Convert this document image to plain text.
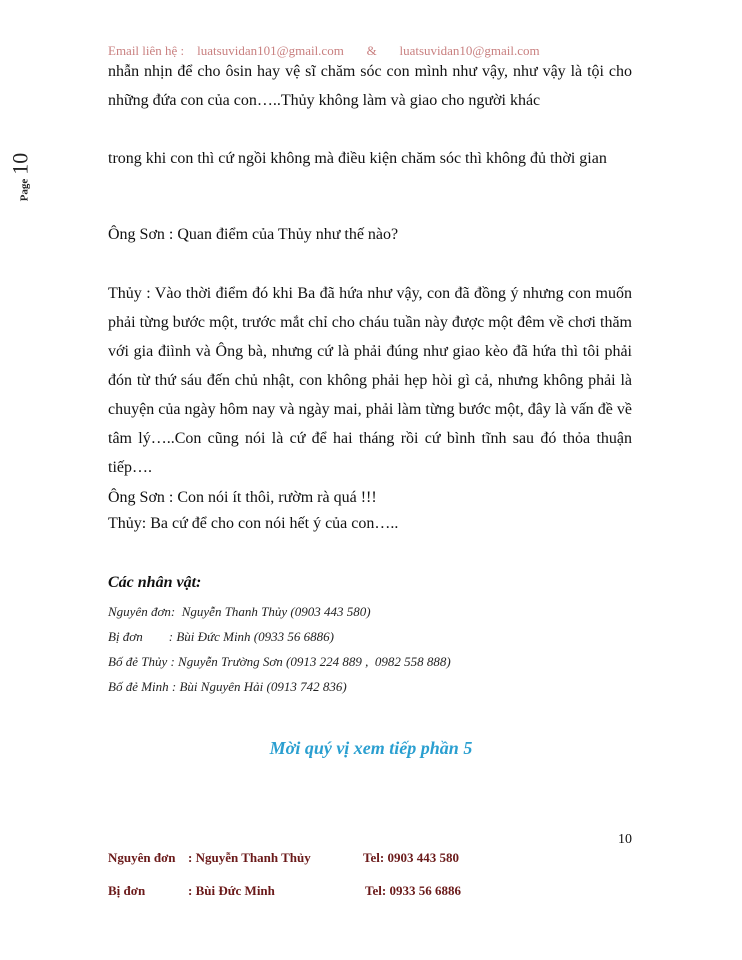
Email liên hệ : luatsuvidan101@gmail.com & luatsuvidan10@gmail.com
Page 10
nhẫn nhịn để cho ôsin hay vệ sĩ chăm sóc con mình như vậy, như vậy là tội cho những đứa con của con…..Thủy không làm và giao cho người khác
trong khi con thì cứ ngồi không mà điều kiện chăm sóc thì không đủ thời gian
Ông Sơn : Quan điểm của Thủy như thế nào?
Thủy : Vào thời điểm đó khi Ba đã hứa như vậy, con đã đồng ý nhưng con muốn phải từng bước một, trước mắt chỉ cho cháu tuần này được một đêm về chơi thăm với gia điình và Ông bà, nhưng cứ là phải đúng như giao kèo đã hứa thì tôi phải đón từ thứ sáu đến chủ nhật, con không phải hẹp hòi gì cả, nhưng không phải là chuyện của ngày hôm nay và ngày mai, phải làm từng bước một, đây là vấn đề về tâm lý…..Con cũng nói là cứ để hai tháng rồi cứ bình tĩnh sau đó thỏa thuận tiếp….
Ông Sơn : Con nói ít thôi, rườm rà quá !!!
Thủy: Ba cứ để cho con nói hết ý của con…..
Các nhân vật:
Nguyên đơn:  Nguyễn Thanh Thủy (0903 443 580)
Bị đơn        : Bùi Đức Minh (0933 56 6886)
Bố đẻ Thủy : Nguyễn Trường Sơn (0913 224 889 ,  0982 558 888)
Bố đẻ Minh : Bùi Nguyên Hải (0913 742 836)
Mời quý vị xem tiếp phần 5
10
Nguyên đơn : Nguyễn Thanh Thủy	Tel: 0903 443 580
Bị đơn	: Bùi Đức Minh	Tel: 0933 56 6886
